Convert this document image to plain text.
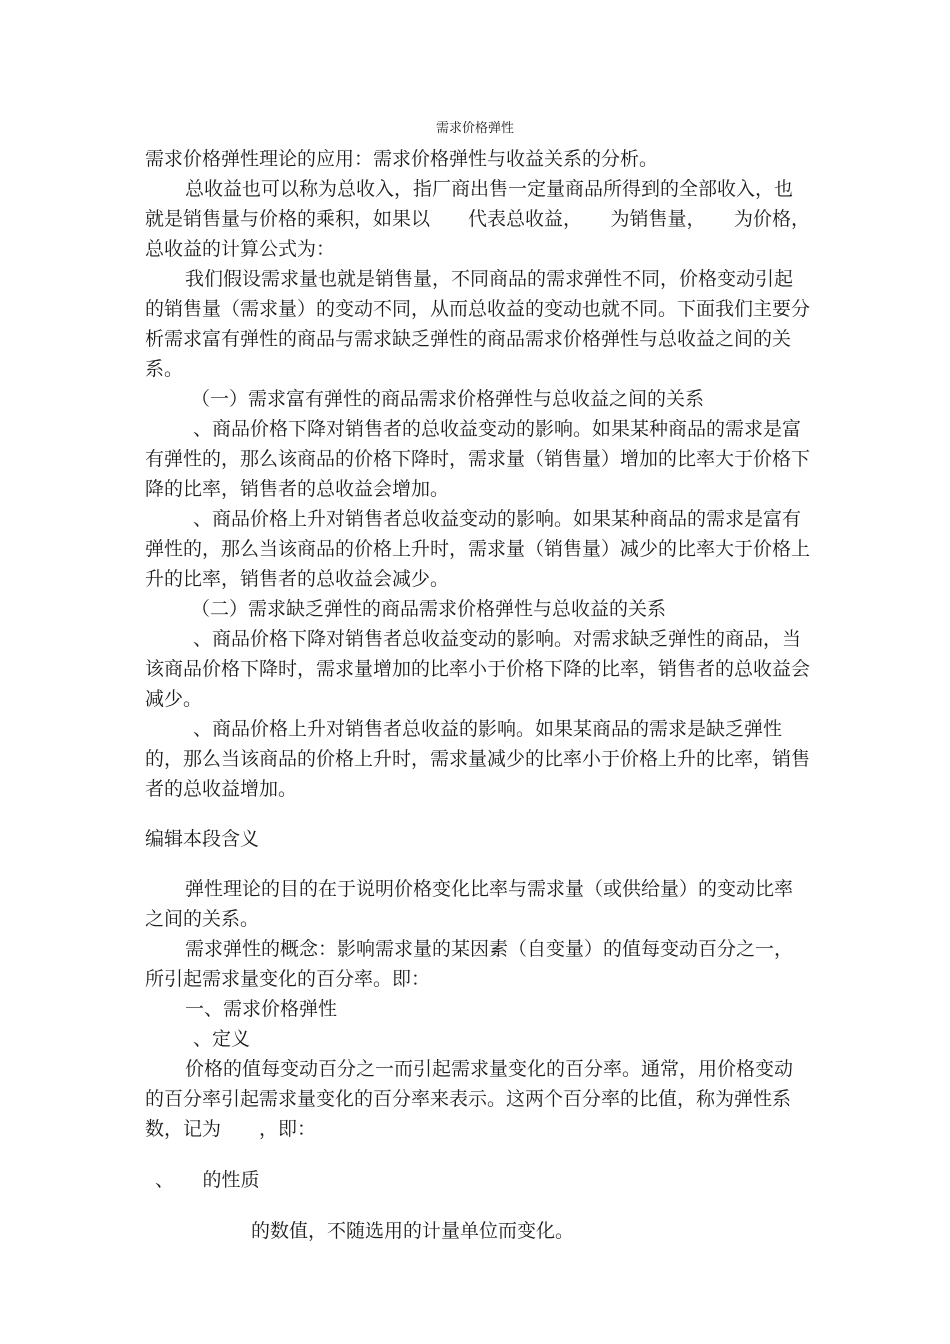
需求价格弹性

需求价格弹性理论的应用：需求价格弹性与收益关系的分析。

总收益也可以称为总收入，指厂商出售一定量商品所得到的全部收入，也就是销售量与价格的乘积，如果以　　代表总收益，　　为销售量，　　为价格，总收益的计算公式为：

我们假设需求量也就是销售量，不同商品的需求弹性不同，价格变动引起的销售量（需求量）的变动不同，从而总收益的变动也就不同。下面我们主要分析需求富有弹性的商品与需求缺乏弹性的商品需求价格弹性与总收益之间的关系。

（一）需求富有弹性的商品需求价格弹性与总收益之间的关系

、商品价格下降对销售者的总收益变动的影响。如果某种商品的需求是富有弹性的，那么该商品的价格下降时，需求量（销售量）增加的比率大于价格下降的比率，销售者的总收益会增加。

、商品价格上升对销售者总收益变动的影响。如果某种商品的需求是富有弹性的，那么当该商品的价格上升时，需求量（销售量）减少的比率大于价格上升的比率，销售者的总收益会减少。

（二）需求缺乏弹性的商品需求价格弹性与总收益的关系

、商品价格下降对销售者总收益变动的影响。对需求缺乏弹性的商品，当该商品价格下降时，需求量增加的比率小于价格下降的比率，销售者的总收益会减少。

、商品价格上升对销售者总收益的影响。如果某商品的需求是缺乏弹性的，那么当该商品的价格上升时，需求量减少的比率小于价格上升的比率，销售者的总收益增加。

编辑本段含义

弹性理论的目的在于说明价格变化比率与需求量（或供给量）的变动比率之间的关系。

需求弹性的概念：影响需求量的某因素（自变量）的值每变动百分之一，所引起需求量变化的百分率。即：

一、需求价格弹性

、定义

价格的值每变动百分之一而引起需求量变化的百分率。通常，用价格变动的百分率引起需求量变化的百分率来表示。这两个百分率的比值，称为弹性系数，记为　　，即：

、　　的性质

的数值，不随选用的计量单位而变化。
